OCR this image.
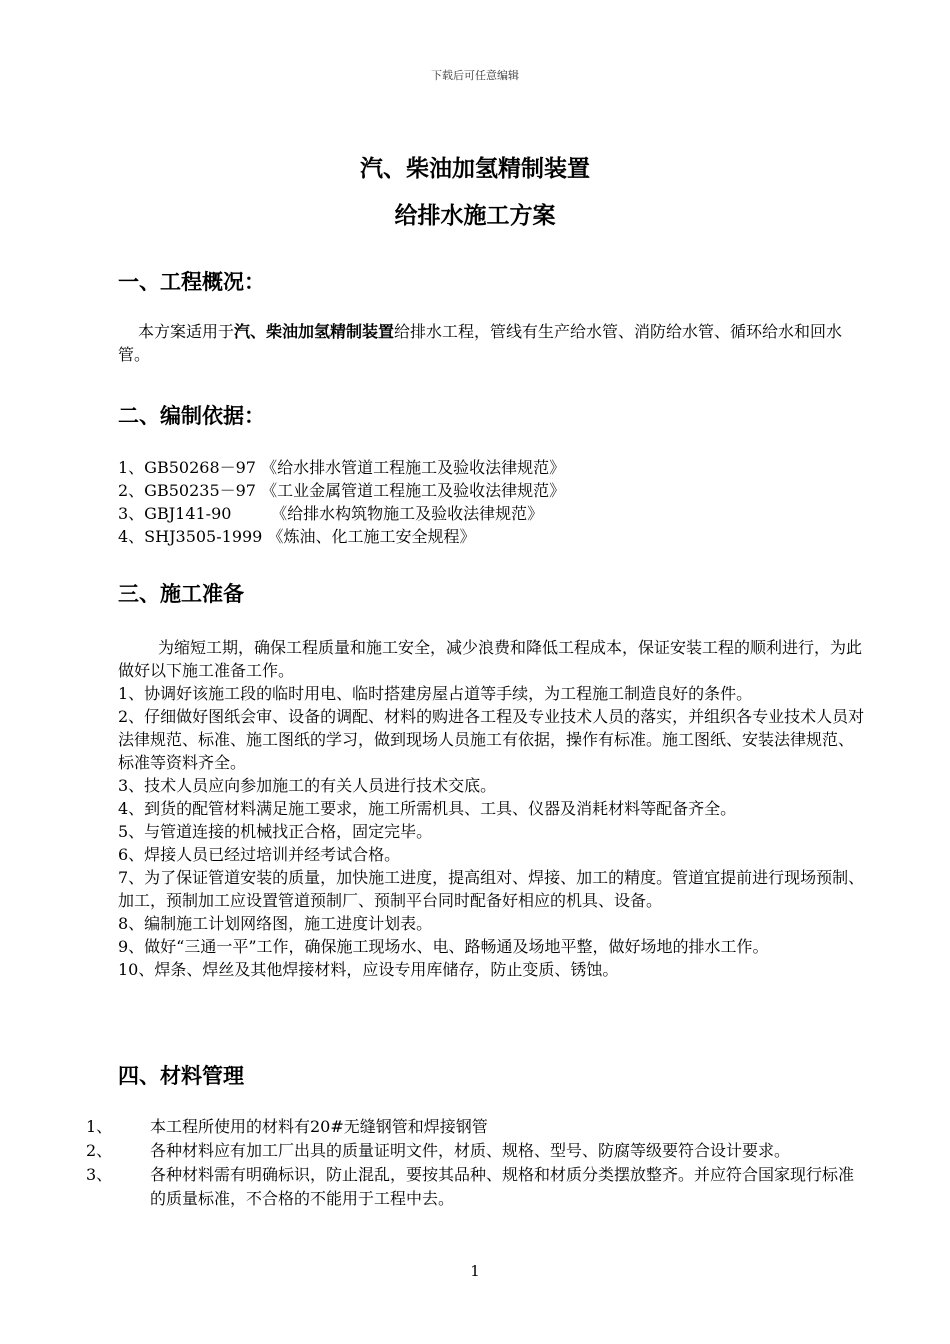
下载后可任意编辑
汽、柴油加氢精制装置
给排水施工方案
一、工程概况：
本方案适用于汽、柴油加氢精制装置给排水工程，管线有生产给水管、消防给水管、循环给水和回水管。
二、编制依据：
1、GB50268－97 《给水排水管道工程施工及验收法律规范》
2、GB50235－97 《工业金属管道工程施工及验收法律规范》
3、GBJ141-90 《给排水构筑物施工及验收法律规范》
4、SHJ3505-1999 《炼油、化工施工安全规程》
三、施工准备
为缩短工期，确保工程质量和施工安全，减少浪费和降低工程成本，保证安装工程的顺利进行，为此做好以下施工准备工作。
1、协调好该施工段的临时用电、临时搭建房屋占道等手续，为工程施工制造良好的条件。
2、仔细做好图纸会审、设备的调配、材料的购进各工程及专业技术人员的落实，并组织各专业技术人员对法律规范、标准、施工图纸的学习，做到现场人员施工有依据，操作有标准。施工图纸、安装法律规范、标准等资料齐全。
3、技术人员应向参加施工的有关人员进行技术交底。
4、到货的配管材料满足施工要求，施工所需机具、工具、仪器及消耗材料等配备齐全。
5、与管道连接的机械找正合格，固定完毕。
6、焊接人员已经过培训并经考试合格。
7、为了保证管道安装的质量，加快施工进度，提高组对、焊接、加工的精度。管道宜提前进行现场预制、加工，预制加工应设置管道预制厂、预制平台同时配备好相应的机具、设备。
8、编制施工计划网络图，施工进度计划表。
9、做好“三通一平”工作，确保施工现场水、电、路畅通及场地平整，做好场地的排水工作。
10、焊条、焊丝及其他焊接材料，应设专用库储存，防止变质、锈蚀。
四、材料管理
1、 本工程所使用的材料有20#无缝钢管和焊接钢管
2、 各种材料应有加工厂出具的质量证明文件，材质、规格、型号、防腐等级要符合设计要求。
3、 各种材料需有明确标识，防止混乱，要按其品种、规格和材质分类摆放整齐。并应符合国家现行标准的质量标准，不合格的不能用于工程中去。
1
